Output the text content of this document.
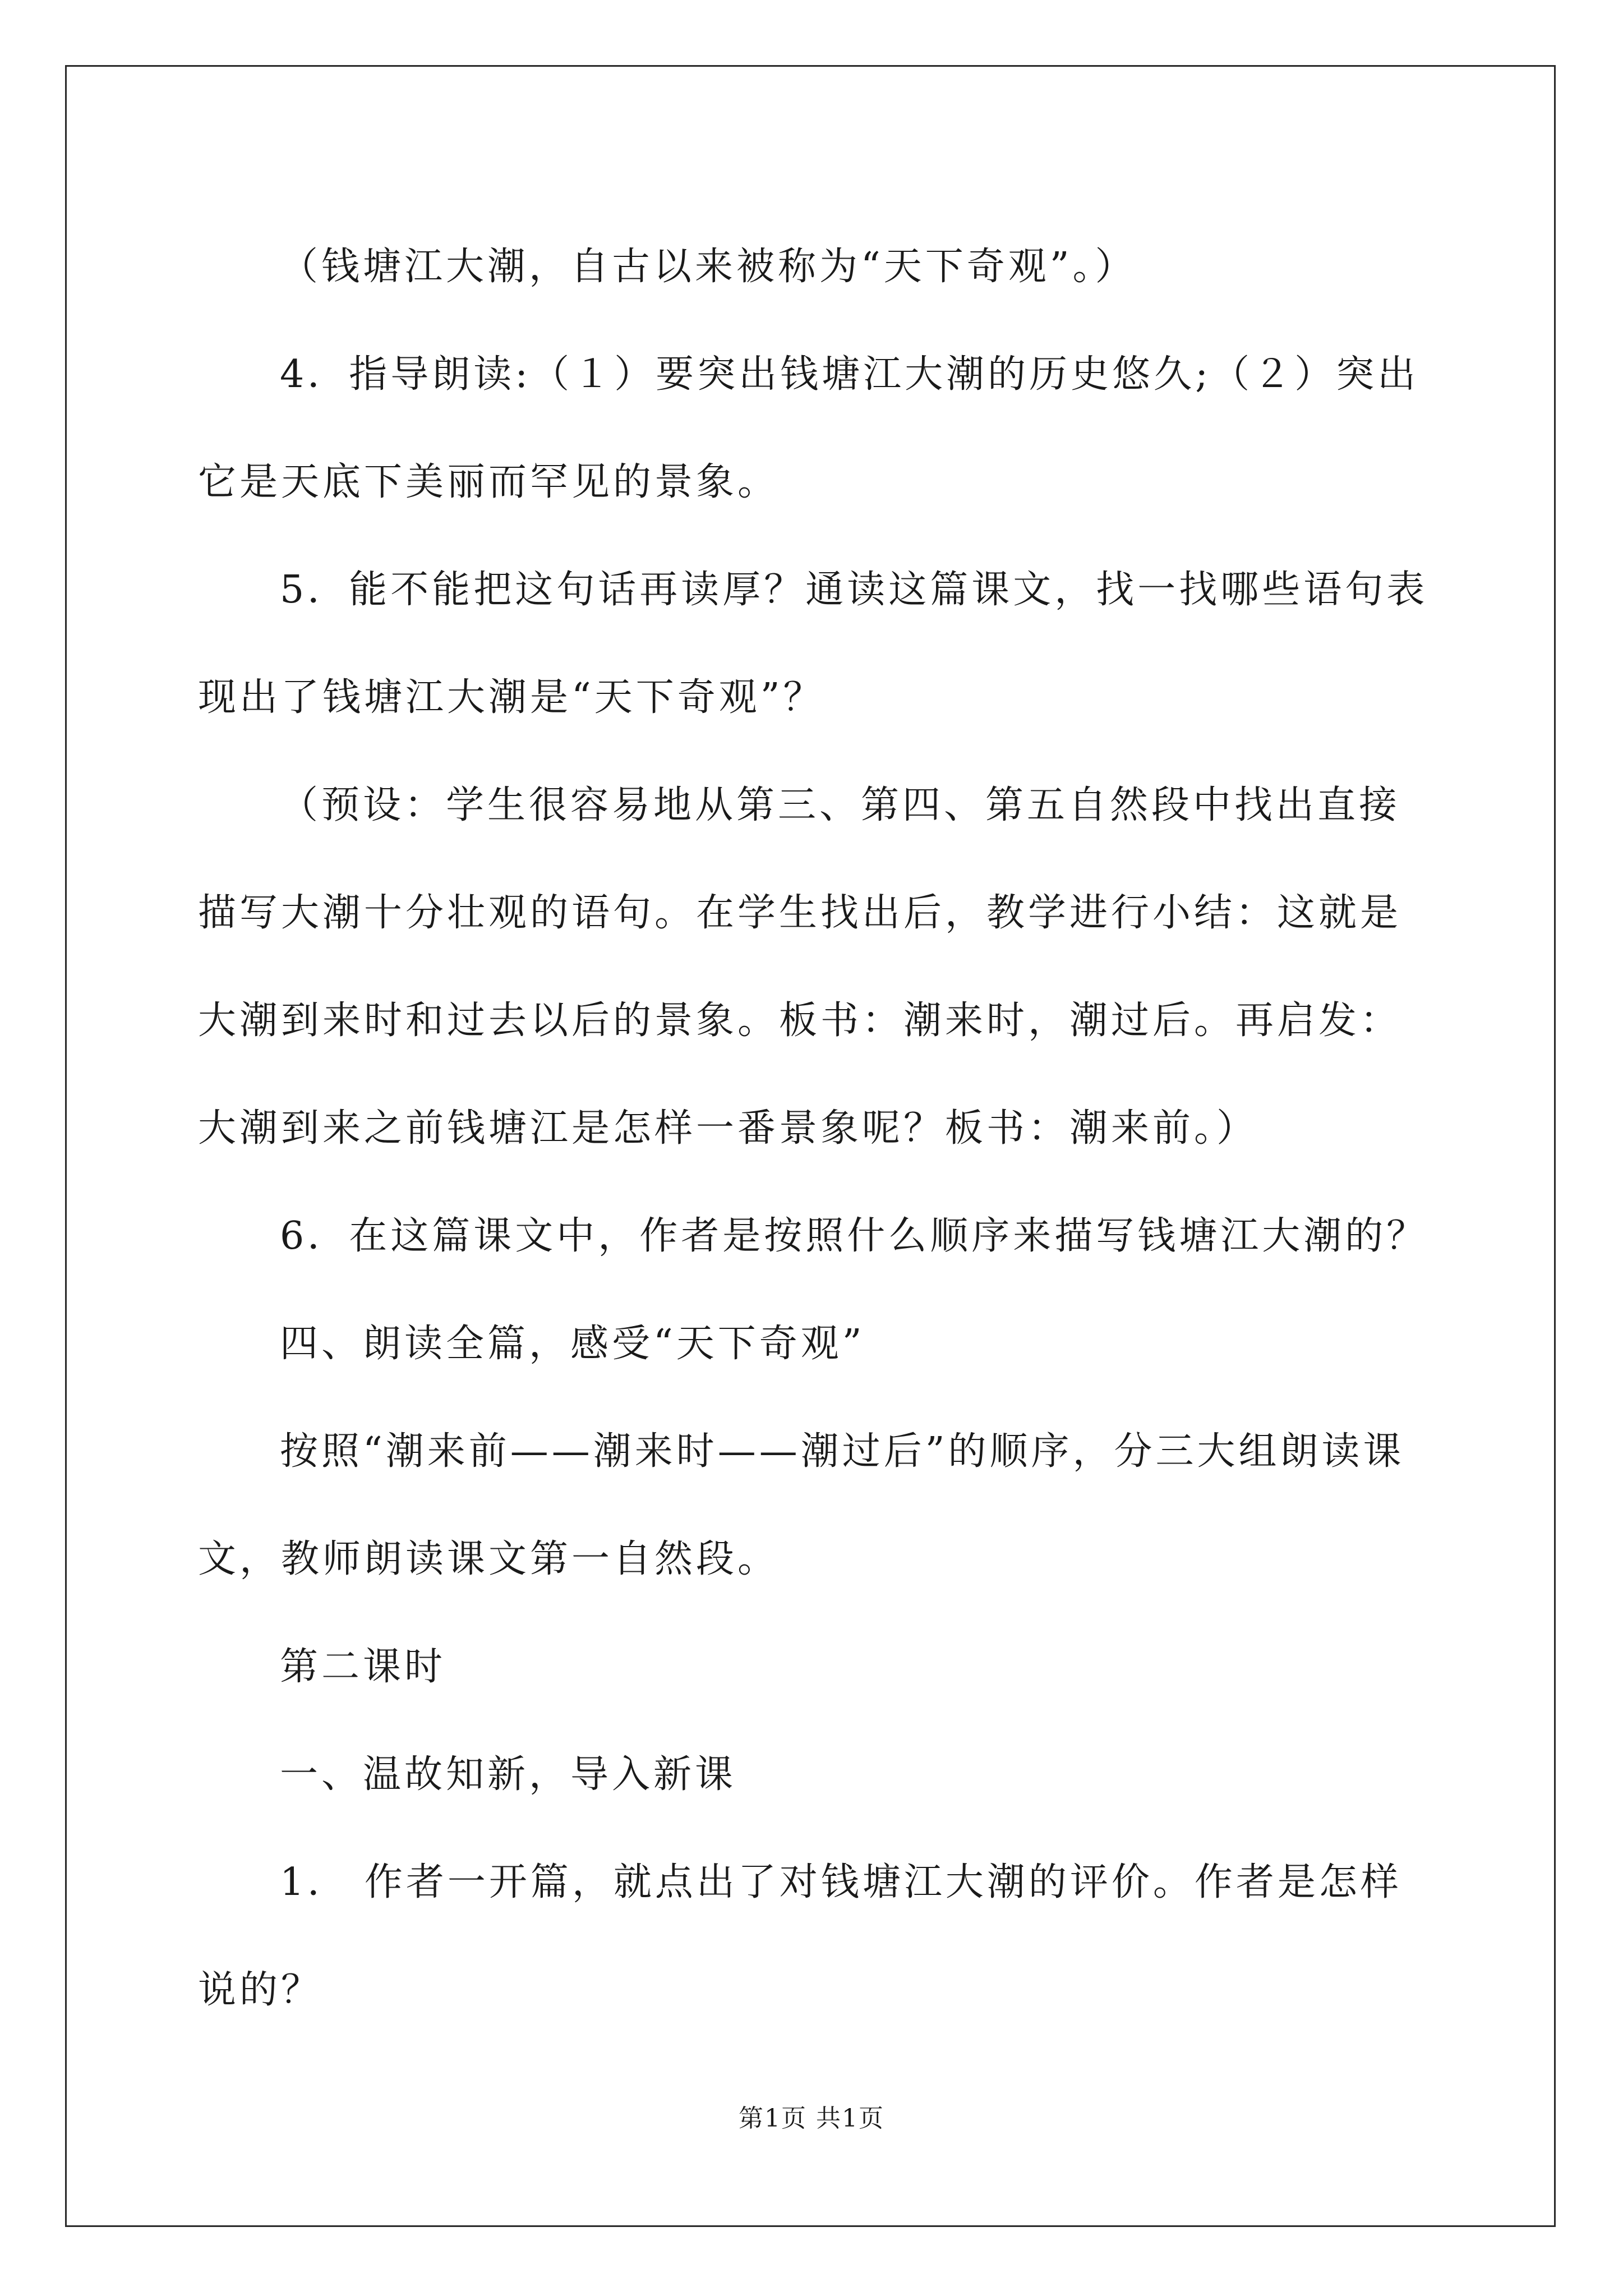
（钱塘江大潮，自古以来被称为“天下奇观”。）

4．指导朗读:（１）要突出钱塘江大潮的历史悠久;（２）突出它是天底下美丽而罕见的景象。

5．能不能把这句话再读厚？通读这篇课文，找一找哪些语句表现出了钱塘江大潮是“天下奇观”？

（预设：学生很容易地从第三、第四、第五自然段中找出直接描写大潮十分壮观的语句。在学生找出后，教学进行小结：这就是大潮到来时和过去以后的景象。板书：潮来时，潮过后。再启发：大潮到来之前钱塘江是怎样一番景象呢？板书：潮来前。）

6．在这篇课文中，作者是按照什么顺序来描写钱塘江大潮的？

四、朗读全篇，感受“天下奇观”

按照“潮来前——潮来时——潮过后”的顺序，分三大组朗读课文，教师朗读课文第一自然段。

第二课时

一、温故知新，导入新课

1． 作者一开篇，就点出了对钱塘江大潮的评价。作者是怎样说的？

第1页 共1页
